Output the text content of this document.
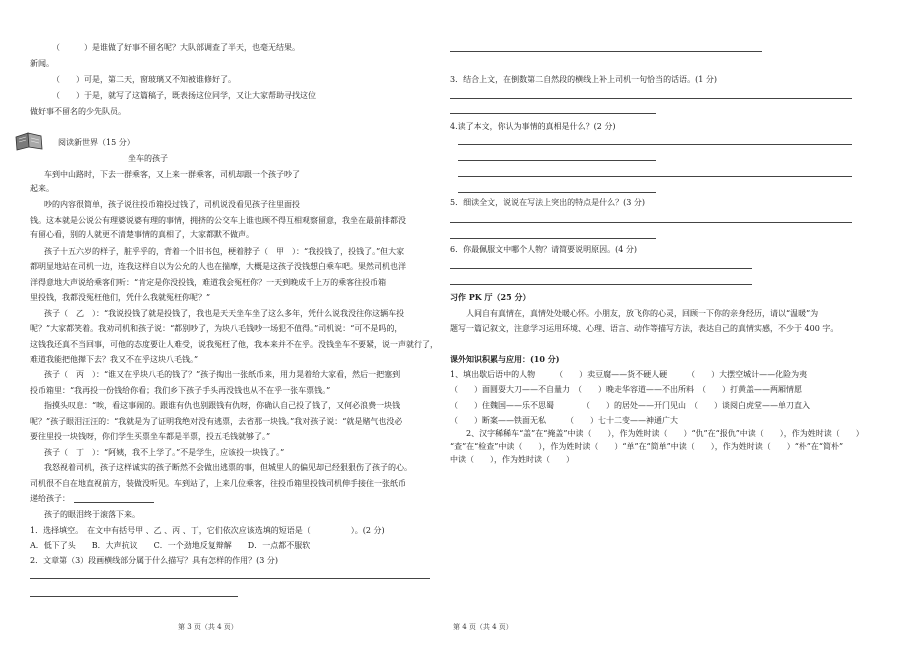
（　　　）是谁做了好事不留名呢？大队部调查了半天，也毫无结果。
新闻。
（　　）可是，第二天，窗玻璃又不知被谁修好了。
（　　）于是，就写了这篇稿子，既表扬这位同学，又让大家帮助寻找这位
做好事不留名的少先队员。
阅读新世界（15 分）
坐车的孩子
车到中山路时，下去一群乘客，又上来一群乘客，司机却跟一个孩子吵了
起来。
吵的内容很简单，孩子说往投币箱投过钱了，司机说没看见孩子往里面投
钱。这本就是公说公有理婆说婆有理的事情，拥挤的公交车上谁也顾不得互相观察留意，我坐在最前排都没
有留心看，别的人就更不清楚事情的真相了，大家都默不做声。
孩子十五六岁的样子，脏乎乎的，背着一个旧书包，梗着脖子（　甲　）：“我投钱了，投钱了。”但大家
都明显地站在司机一边，连我这样自以为公允的人也在揣摩，大概是这孩子没钱想白乘车吧。果然司机也洋
洋得意地大声说给乘客们听：“肯定是你没投钱，难道我会冤枉你？一天到晚成千上万的乘客往投币箱
里投钱，我都没冤枉他们，凭什么我就冤枉你呢？”
孩子（　乙　）：“我说投钱了就是投钱了，我也是天天坐车坐了这么多年，凭什么说我没往你这辆车投
呢？”大家都笑着。我劝司机和孩子说：“都别吵了，为块八毛钱吵一场犯不值得。”司机说：“可不是吗的，
这钱我还真不当回事，可他的态度要让人难受，说我冤枉了他，我本来并不在乎。没钱坐车不要紧，说一声就行了，
难道我能把他撵下去？我又不在乎这块八毛钱。”
孩子（　丙　）：“谁又在乎块八毛的钱了？”孩子掏出一张纸币来，用力晃着给大家看，然后一把塞到
投币箱里：“我再投一份钱给你看；我们乡下孩子手头再没钱也从不在乎一张车票钱。”
指摸头叹息：“唉，看这事闹的。跟谁有仇也别跟钱有仇呀，你确认自己投了钱了，又何必浪费一块钱
呢？”孩子眼泪汪汪的：“我就是为了证明我绝对没有逃票，去省那一块钱。”我对孩子说：“就是赌气也没必
要往里投一块钱呀，你们学生买票坐车都是半票，投五毛钱就够了。”
孩子（　丁　）：“阿姨，我不上学了。”不是学生，应该投一块钱了。”
我怒视着司机，孩子这样诚实的孩子断然不会做出逃票的事，但城里人的偏见却已经狠狠伤了孩子的心。
司机很不自在地直视前方，装做没听见。车到站了，上来几位乘客，往投币箱里投钱司机伸手接住一张纸币
递给孩子：
孩子的眼泪终于滚落下来。
1．选择填空。　在文中有括号甲 、乙 、丙 、丁，它们依次应该选填的短语是（　　　　　）。(2 分)
A．低下了头　　B．大声抗议　　C．一个劲地反复辩解　　D．一点都不服软
2．文章第（3）段画横线部分属于什么描写？具有怎样的作用？(3 分)
第 3 页（共 4 页）
3．结合上文，在倒数第二自然段的横线上补上司机一句恰当的话语。(1 分)
4.读了本文，你认为事情的真相是什么？(2 分)
5．细读全文，说说在写法上突出的特点是什么？(3 分)
6．你最佩服文中哪个人物？请简要说明原因。(4 分)
习作 PK 厅（25 分）
人间自有真情在，真情处处暖心怀。小朋友，放飞你的心灵，回顾一下你的亲身经历，请以“温暖”为
题写一篇记叙文，注意学习运用环境、心理、语言、动作等描写方法，表达自己的真情实感，不少于 400 字。
课外知识积累与应用：(10 分)
1、填出歇后语中的人物　　　（　　）卖豆腐——货不硬人硬　　　（　　）大摆空城计——化险为夷
（　　）面圆耍大刀——不自量力　（　　）晚走华容道——不出所料　（　　）打黄盖——两厢情愿
（　　）住魏国——乐不思蜀　　　　（　　）的居处——开门见山　（　　）谈阅白虎堂——单刀直入
（　　）断案——铁面无私　　　（　　）七十二变——神通广大
2、汉字稀稀车“盖”在“掩盖”中读（　　），作为姓时读（　　）“仇”在“报仇”中读（　　），作为姓时读（　　）
“查”在“检查”中读（　　），作为姓时读（　　）“单”在“简单”中读（　　），作为姓时读（　　）“朴”在“简朴”
中读（　　），作为姓时读（　　）
第 4 页（共 4 页）
